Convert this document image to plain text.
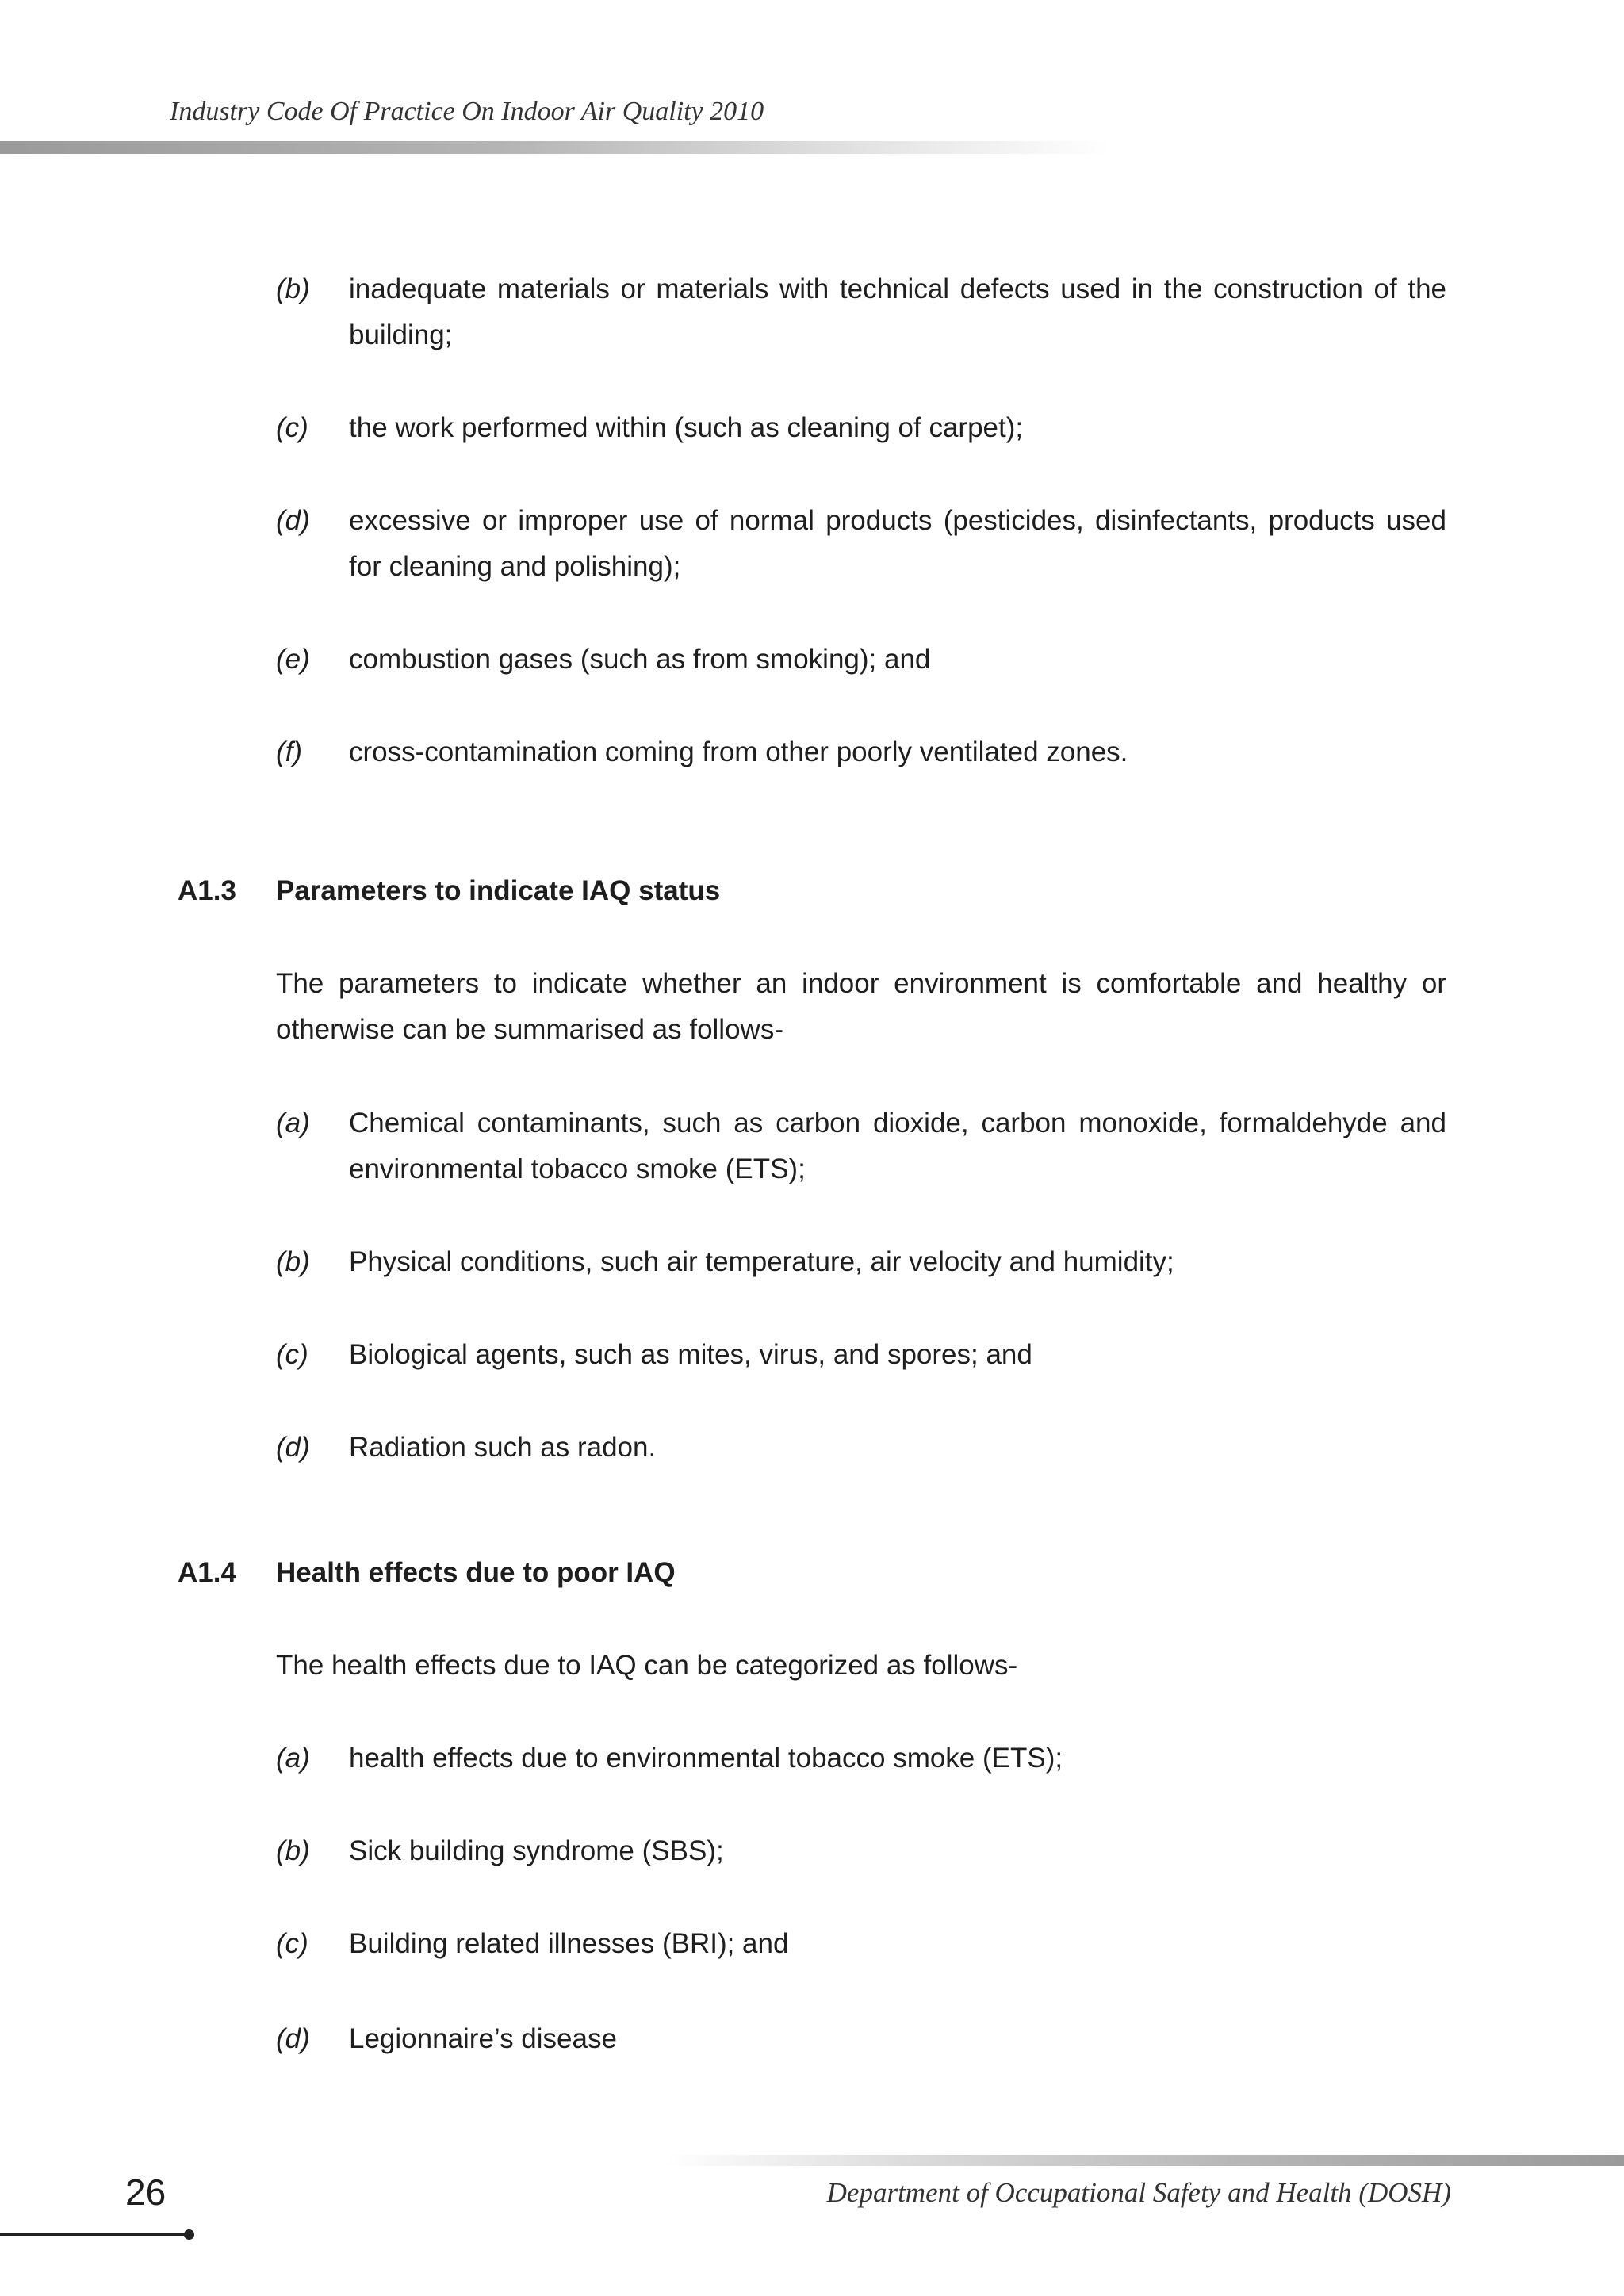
Industry Code Of Practice On Indoor Air Quality 2010
(b) inadequate materials or materials with technical defects used in the construction of the building;
(c) the work performed within (such as cleaning of carpet);
(d) excessive or improper use of normal products (pesticides, disinfectants, products used for cleaning and polishing);
(e) combustion gases (such as from smoking); and
(f) cross-contamination coming from other poorly ventilated zones.
A1.3 Parameters to indicate IAQ status
The parameters to indicate whether an indoor environment is comfortable and healthy or otherwise can be summarised as follows-
(a) Chemical contaminants, such as carbon dioxide, carbon monoxide, formaldehyde and environmental tobacco smoke (ETS);
(b) Physical conditions, such air temperature, air velocity and humidity;
(c) Biological agents, such as mites, virus, and spores; and
(d) Radiation such as radon.
A1.4 Health effects due to poor IAQ
The health effects due to IAQ can be categorized as follows-
(a) health effects due to environmental tobacco smoke (ETS);
(b) Sick building syndrome (SBS);
(c) Building related illnesses (BRI); and
(d) Legionnaire’s disease
26	Department of Occupational Safety and Health (DOSH)
